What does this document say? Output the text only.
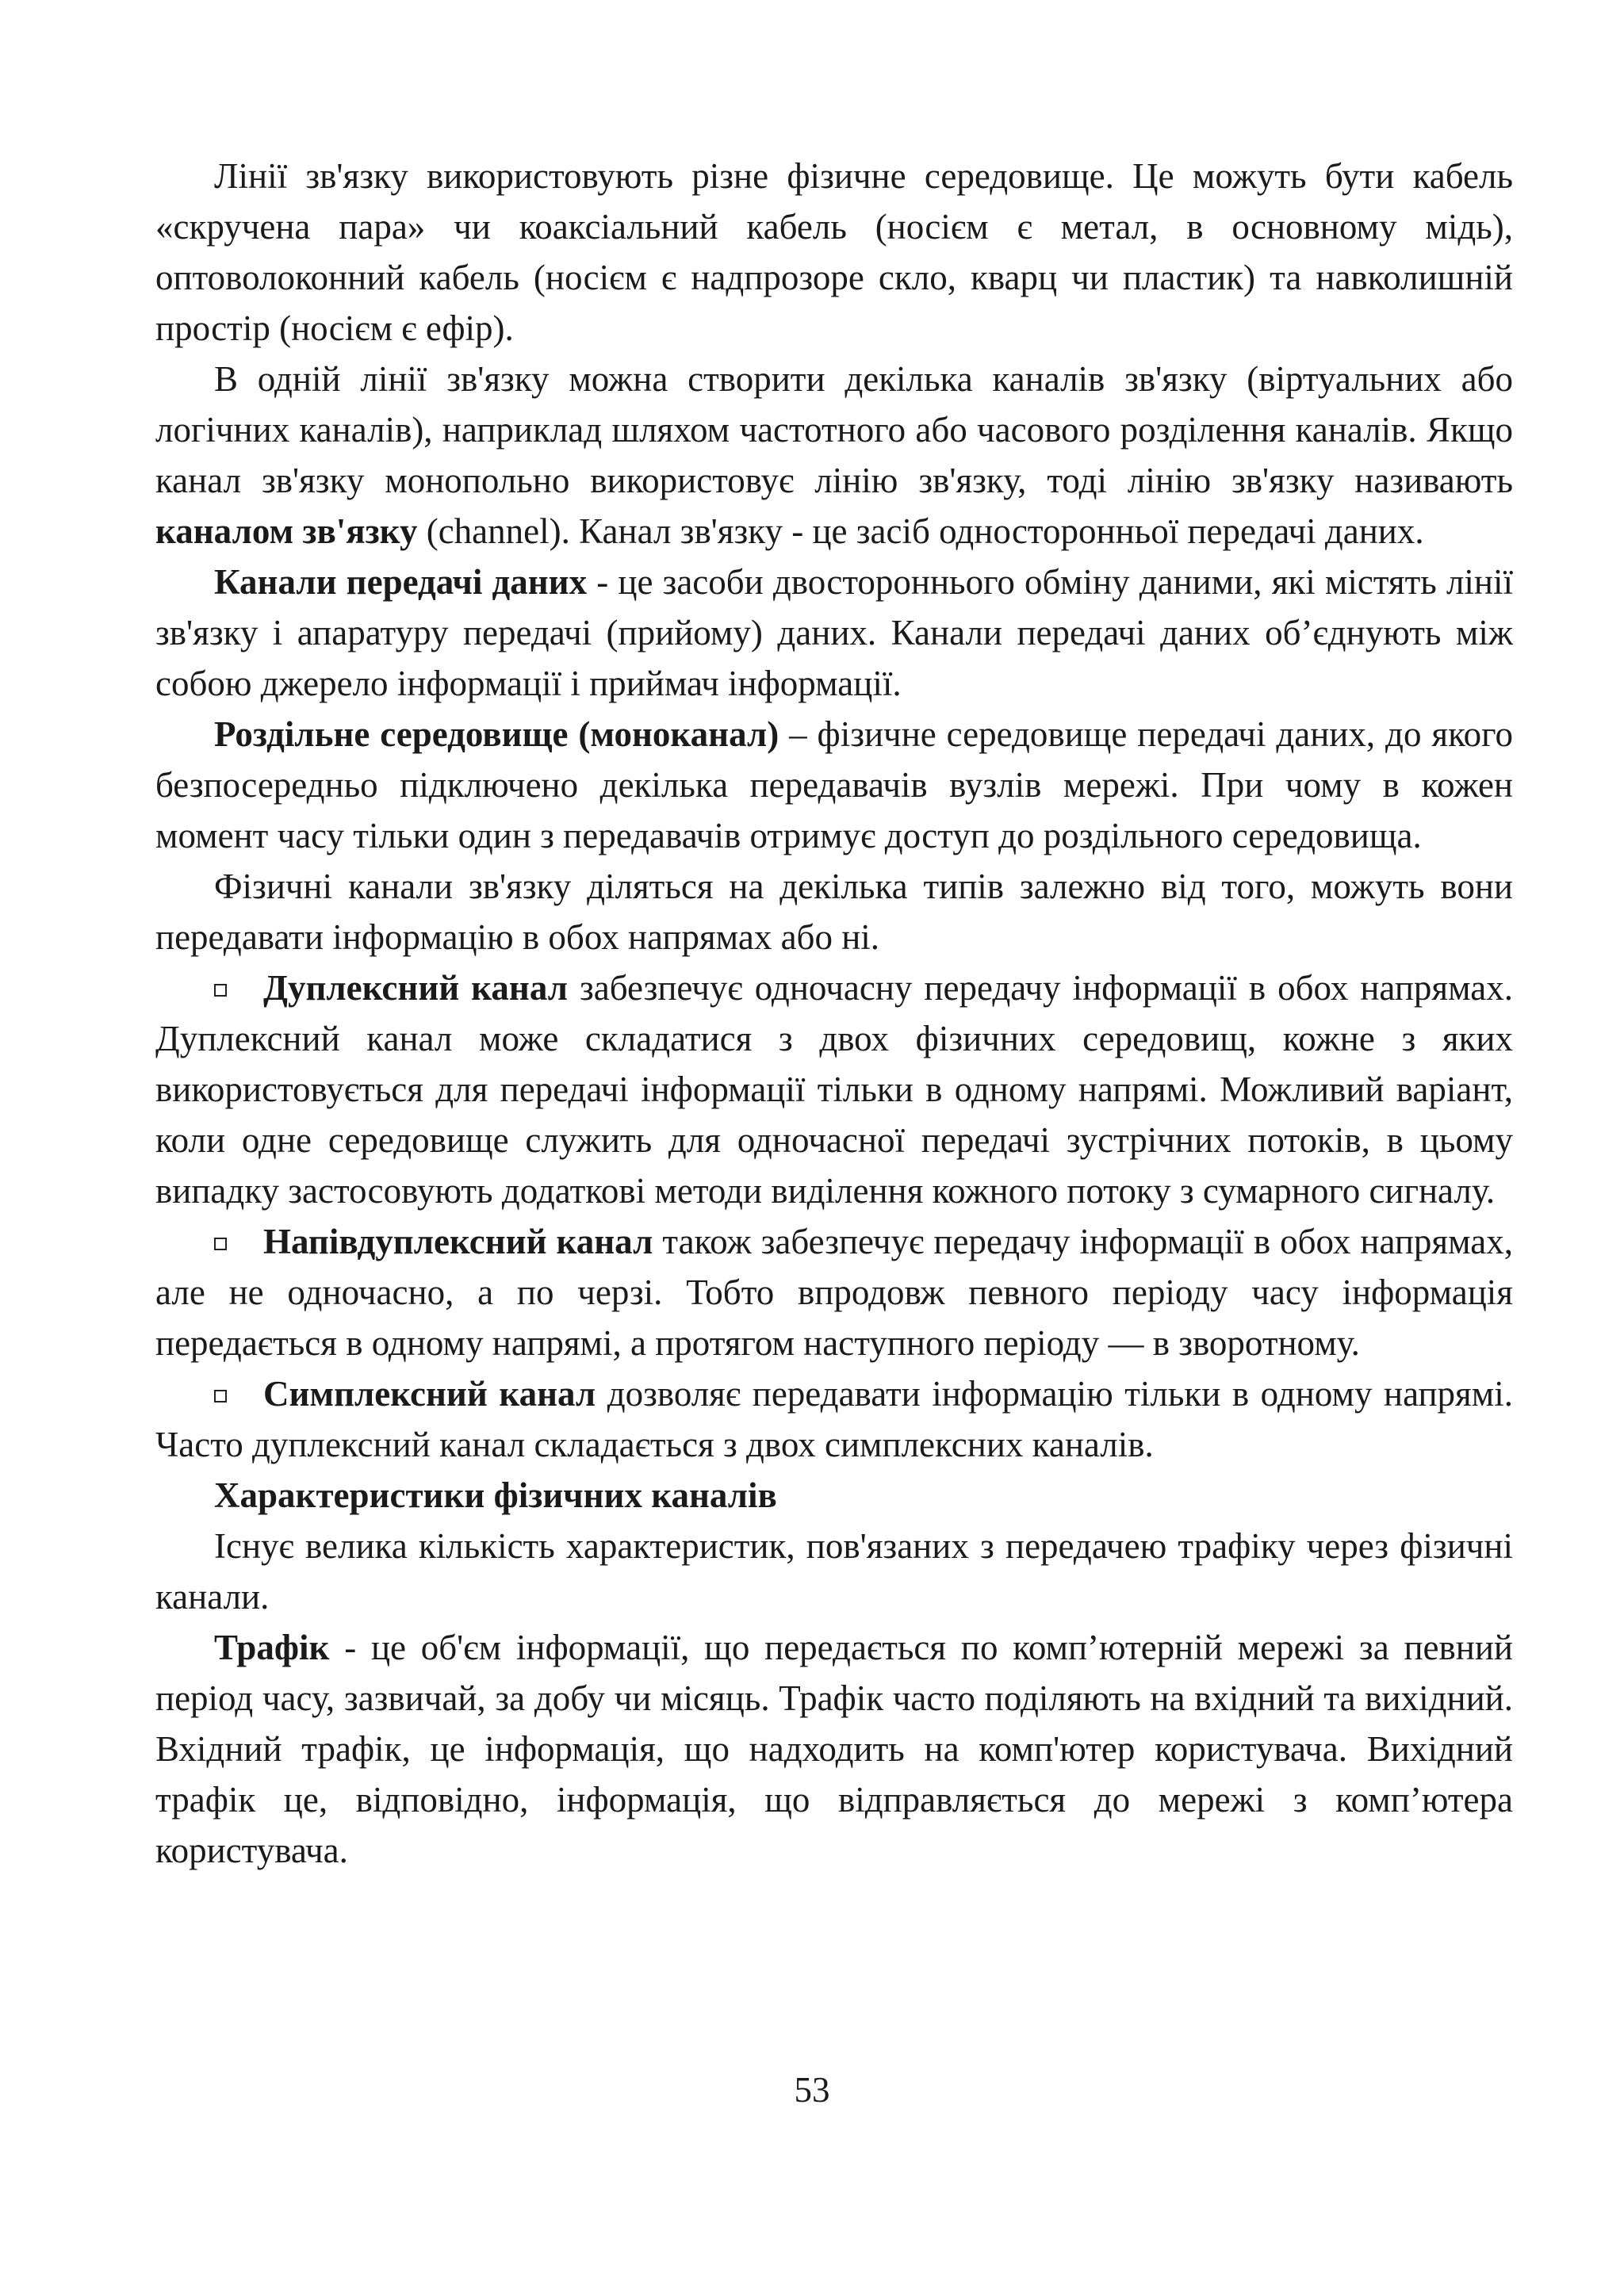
Лінії зв'язку використовують різне фізичне середовище. Це можуть бути кабель «скручена пара» чи коаксіальний кабель (носієм є метал, в основному мідь), оптоволоконний кабель (носієм є надпрозоре скло, кварц чи пластик) та навколишній простір (носієм є ефір).

В одній лінії зв'язку можна створити декілька каналів зв'язку (віртуальних або логічних каналів), наприклад шляхом частотного або часового розділення каналів. Якщо канал зв'язку монопольно використовує лінію зв'язку, тоді лінію зв'язку називають каналом зв'язку (channel). Канал зв'язку - це засіб односторонньої передачі даних.

Канали передачі даних - це засоби двостороннього обміну даними, які містять лінії зв'язку і апаратуру передачі (прийому) даних. Канали передачі даних об’єднують між собою джерело інформації і приймач інформації.

Роздільне середовище (моноканал) – фізичне середовище передачі даних, до якого безпосередньо підключено декілька передавачів вузлів мережі. При чому в кожен момент часу тільки один з передавачів отримує доступ до роздільного середовища.

Фізичні канали зв'язку діляться на декілька типів залежно від того, можуть вони передавати інформацію в обох напрямах або ні.

Дуплексний канал забезпечує одночасну передачу інформації в обох напрямах. Дуплексний канал може складатися з двох фізичних середовищ, кожне з яких використовується для передачі інформації тільки в одному напрямі. Можливий варіант, коли одне середовище служить для одночасної передачі зустрічних потоків, в цьому випадку застосовують додаткові методи виділення кожного потоку з сумарного сигналу.

Напівдуплексний канал також забезпечує передачу інформації в обох напрямах, але не одночасно, а по черзі. Тобто впродовж певного періоду часу інформація передається в одному напрямі, а протягом наступного періоду — в зворотному.

Симплексний канал дозволяє передавати інформацію тільки в одному напрямі. Часто дуплексний канал складається з двох симплексних каналів.

Характеристики фізичних каналів

Існує велика кількість характеристик, пов'язаних з передачею трафіку через фізичні канали.

Трафік - це об'єм інформації, що передається по комп’ютерній мережі за певний період часу, зазвичай, за добу чи місяць. Трафік часто поділяють на вхідний та вихідний. Вхідний трафік, це інформація, що надходить на комп'ютер користувача. Вихідний трафік це, відповідно, інформація, що відправляється до мережі з комп’ютера користувача.

53
